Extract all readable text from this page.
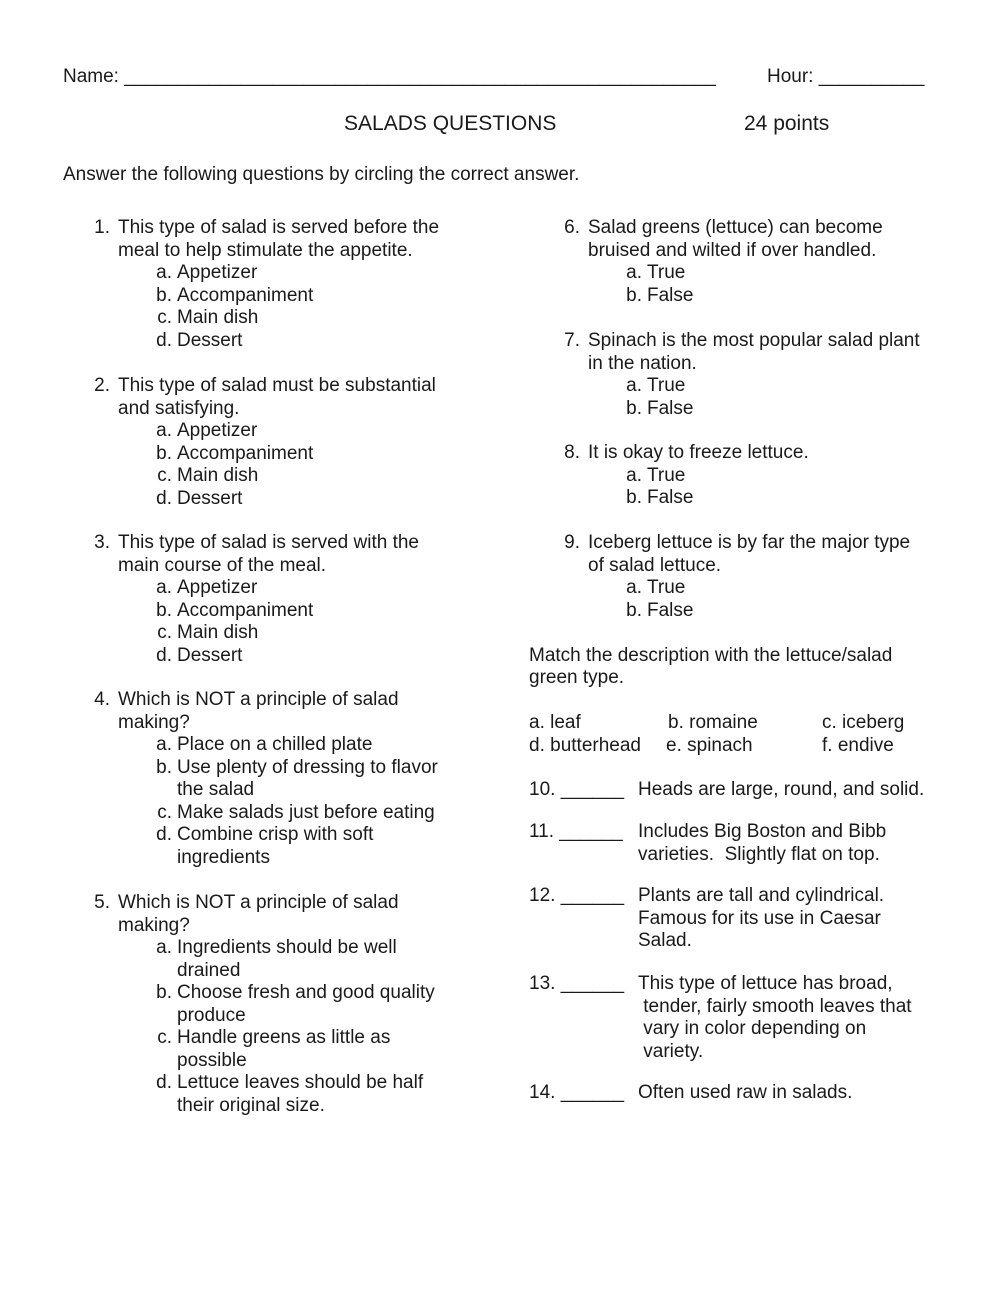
Name: ________________________________________________________	Hour: __________
SALADS QUESTIONS	24 points
Answer the following questions by circling the correct answer.
1. This type of salad is served before the
meal to help stimulate the appetite.
a. Appetizer
b. Accompaniment
c. Main dish
d. Dessert
2. This type of salad must be substantial
and satisfying.
a. Appetizer
b. Accompaniment
c. Main dish
d. Dessert
3. This type of salad is served with the
main course of the meal.
a. Appetizer
b. Accompaniment
c. Main dish
d. Dessert
4. Which is NOT a principle of salad
making?
a. Place on a chilled plate
b. Use plenty of dressing to flavor
the salad
c. Make salads just before eating
d. Combine crisp with soft
ingredients
5. Which is NOT a principle of salad
making?
a. Ingredients should be well
drained
b. Choose fresh and good quality
produce
c. Handle greens as little as
possible
d. Lettuce leaves should be half
their original size.
6. Salad greens (lettuce) can become
bruised and wilted if over handled.
a. True
b. False
7. Spinach is the most popular salad plant
in the nation.
a. True
b. False
8. It is okay to freeze lettuce.
a. True
b. False
9. Iceberg lettuce is by far the major type
of salad lettuce.
a. True
b. False
Match the description with the lettuce/salad
green type.
a. leaf	b. romaine	c. iceberg
d. butterhead e. spinach	f. endive
10. ______ Heads are large, round, and solid.
11. ______ Includes Big Boston and Bibb
varieties.  Slightly flat on top.
12. ______ Plants are tall and cylindrical.
Famous for its use in Caesar
Salad.
13. ______ This type of lettuce has broad,
tender, fairly smooth leaves that
vary in color depending on
variety.
14. ______ Often used raw in salads.
